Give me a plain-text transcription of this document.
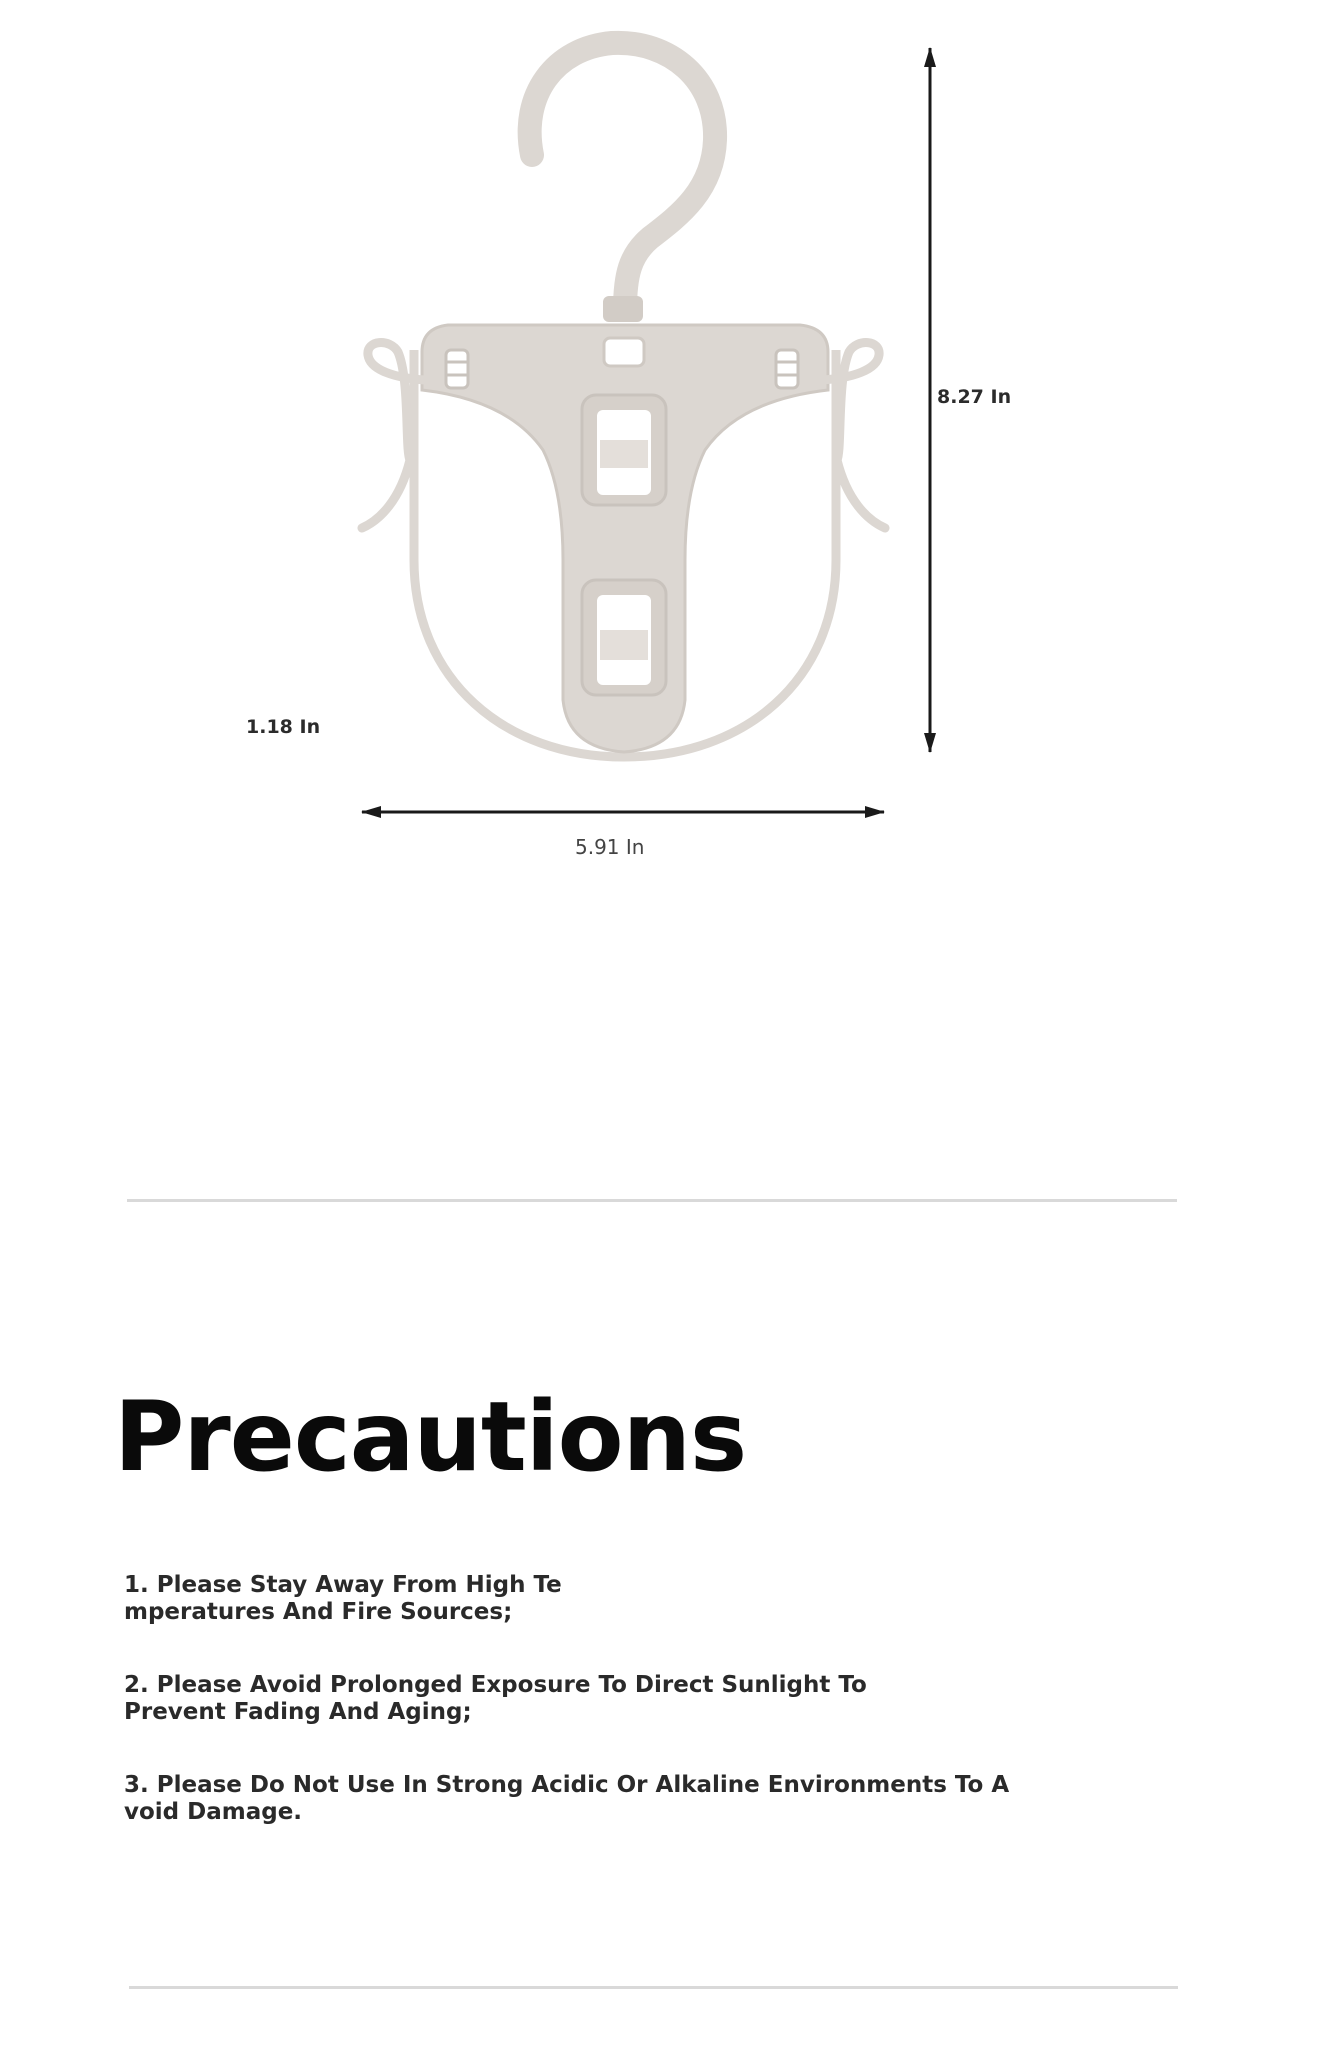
8.27 In
1.18 In
5.91 In
Precautions

1. Please Stay Away From High Te
mperatures And Fire Sources;

2. Please Avoid Prolonged Exposure To Direct Sunlight To
Prevent Fading And Aging;

3. Please Do Not Use In Strong Acidic Or Alkaline Environments To A
void Damage.
